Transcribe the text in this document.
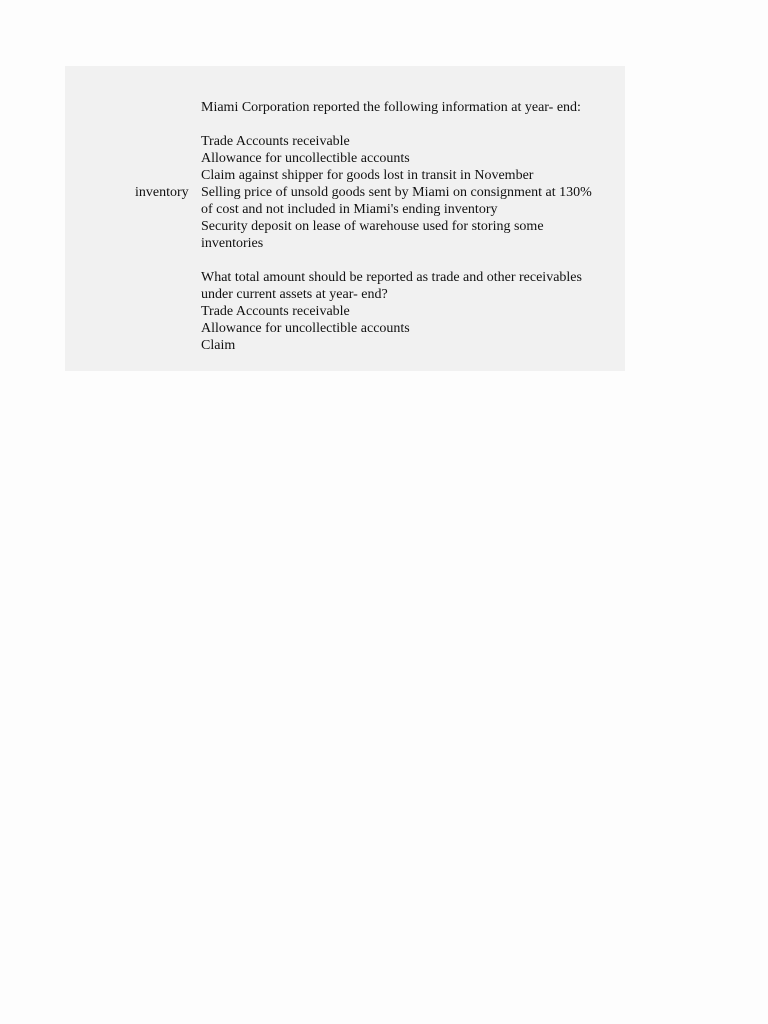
inventory
Miami Corporation reported the following information at year- end:
Trade Accounts receivable
Allowance for uncollectible accounts
Claim against shipper for goods lost in transit in November
Selling price of unsold goods sent by Miami on consignment at 130%
of cost and not included in Miami's ending inventory
Security deposit on lease of warehouse used for storing some
inventories
What total amount should be reported as trade and other receivables
under current assets at year- end?
Trade Accounts receivable
Allowance for uncollectible accounts
Claim
